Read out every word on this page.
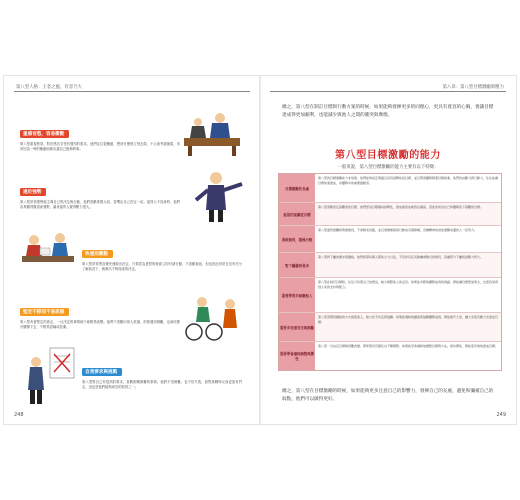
第八型人格：王者之風，有容乃大
重感官慾，容易衝動
第八型重視慾望，對於感官享受有強烈的需求。他們往往很衝動，想到什麼就立刻去做，不太會考慮後果，常常因為一時的衝動而做出讓自己後悔的事。
過於強勢
第八型常常強勢地主導自己的決定與行動，他們喜歡掌握大局，習慣由自己決定一切。當別人不同意時，他們容易顯得霸道而強勢，讓身邊的人覺得壓力很大。
快速而衝動
第八型常常憑直覺快速做出決定，只要認為是對的就會立即付諸行動，不喜歡拖延，但也因此常常在沒有充分了解狀況下，就做出不夠周延的決定。
堅定不移而不易屈服
第八型有著堅定的意志，一旦決定的事情就不會輕易改變。他們不喜歡向別人低頭，即使遇到困難，也會咬緊牙關撐下去，不輕易認輸或放棄。
自我要求與挑戰
第八型對自己有很高的要求，喜歡挑戰困難的事情。他們不怕困難，也不怕失敗，面對挑戰時反而更加有鬥志，這也是他們能夠成功的原因之一。
248
第八章：第八型目標激勵與壓力
總之，第八型在制訂目標與行動方案的時候，如果能夠發揮更多的同理心，更具有寬容的心胸，會讓目標達成得更加順利，也能減少與他人之間的衝突與摩擦。
第八型目標激勵的能力
一般來說，第八型目標激勵的能力主要有以下特徵：
目標激勵的長處
第八型的目標激勵能力非常強，他們能夠設定明確且具有挑戰性的目標，並且帶領團隊朝著目標前進。他們的決斷力與行動力，往往能讓目標快速達成，是團隊中的重要推動者。
能設的高難度目標
第八型喜歡設定高難度的目標，他們認為目標越具挑戰性，達成後的成就感也越高，因此常常為自己和團隊設下困難的目標。
勇敢無畏，積極行動
第八型面對困難時勇敢無畏，不會輕易退縮，並且會積極採取行動來克服障礙，這種精神常常能激勵身邊的人一起努力。
對下屬嚴格要求
第八型對下屬的要求很嚴格，他們希望每個人都能全力以赴，不容許有任何偷懶或敷衍的情況，這讓部分下屬感到壓力很大。
需要學習多傾聽他人
第八型在制訂目標時，往往只依照自己的想法，較少傾聽他人的意見。如果能多聽取團隊成員的建議，將能讓目標更加周全，也更容易得到大家的支持與配合。
需要多表達肯定與鼓勵
第八型習慣用嚴格的方式督促他人，較少給予肯定與鼓勵。如果能適時地讚美與鼓勵團隊成員，將能提升士氣，讓大家更有動力去達成目標。
需要學會適時調整與彈性
第八型一旦決定目標就很難改變，即使情況有變化也不願調整。如果能學會適時地調整目標與方法，保持彈性，將能更有效地達成目標。
總之，第八型在目標激勵的時候，如果能夠更多注意自己的影響力，發揮自己的長處，避免和彌補自己的弱點，他們可以做得更好。
249
